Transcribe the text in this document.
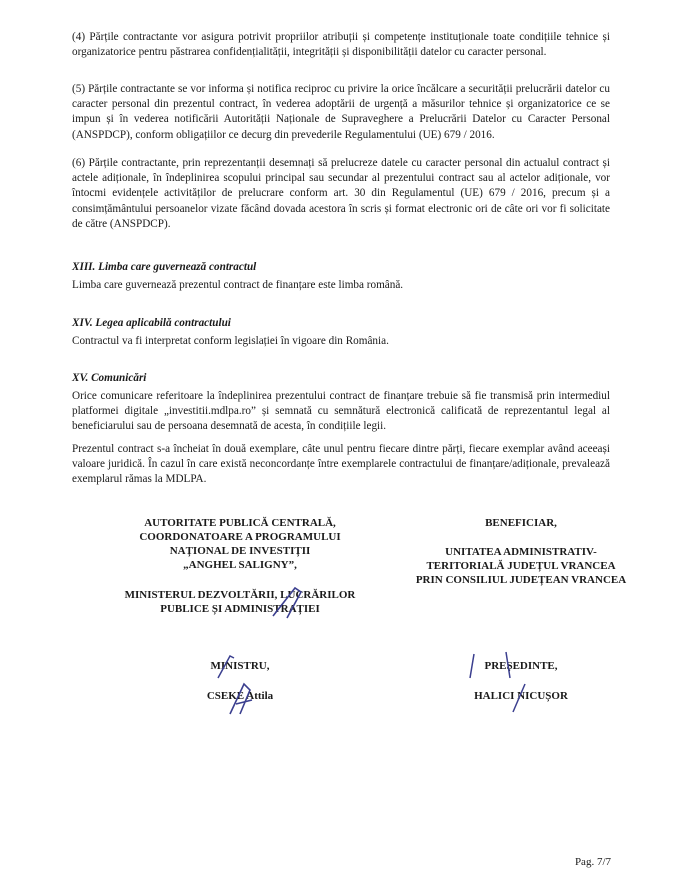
(4) Părțile contractante vor asigura potrivit propriilor atribuții și competențe instituționale toate condițiile tehnice și organizatorice pentru păstrarea confidențialității, integrității și disponibilității datelor cu caracter personal.

(5) Părțile contractante se vor informa și notifica reciproc cu privire la orice încălcare a securității prelucrării datelor cu caracter personal din prezentul contract, în vederea adoptării de urgență a măsurilor tehnice și organizatorice ce se impun și în vederea notificării Autorității Naționale de Supraveghere a Prelucrării Datelor cu Caracter Personal (ANSPDCP), conform obligațiilor ce decurg din prevederile Regulamentului (UE) 679 / 2016.

(6) Părțile contractante, prin reprezentanții desemnați să prelucreze datele cu caracter personal din actualul contract și actele adiționale, în îndeplinirea scopului principal sau secundar al prezentului contract sau al actelor adiționale, vor întocmi evidențele activităților de prelucrare conform art. 30 din Regulamentul (UE) 679 / 2016, precum și a consimțământului persoanelor vizate făcând dovada acestora în scris și format electronic ori de câte ori vor fi solicitate de către (ANSPDCP).

XIII. Limba care guvernează contractul

Limba care guvernează prezentul contract de finanțare este limba română.

XIV. Legea aplicabilă contractului

Contractul va fi interpretat conform legislației în vigoare din România.

XV. Comunicări

Orice comunicare referitoare la îndeplinirea prezentului contract de finanțare trebuie să fie transmisă prin intermediul platformei digitale „investitii.mdlpa.ro” și semnată cu semnătură electronică calificată de reprezentantul legal al beneficiarului sau de persoana desemnată de acesta, în condițiile legii.

Prezentul contract s-a încheiat în două exemplare, câte unul pentru fiecare dintre părți, fiecare exemplar având aceeași valoare juridică. În cazul în care există neconcordanțe între exemplarele contractului de finanțare/adiționale, prevalează exemplarul rămas la MDLPA.

AUTORITATE PUBLICĂ CENTRALĂ,
COORDONATOARE A PROGRAMULUI
NAȚIONAL DE INVESTIȚII
„ANGHEL SALIGNY”,
MINISTERUL DEZVOLTĂRII, LUCRĂRILOR
PUBLICE ȘI ADMINISTRAȚIEI

MINISTRU,

CSEKE Attila

BENEFICIAR,

UNITATEA ADMINISTRATIV-
TERITORIALĂ JUDEȚUL VRANCEA
PRIN CONSILIUL JUDEȚEAN VRANCEA

PREȘEDINTE,

HALICI NICUȘOR

Pag. 7/7
